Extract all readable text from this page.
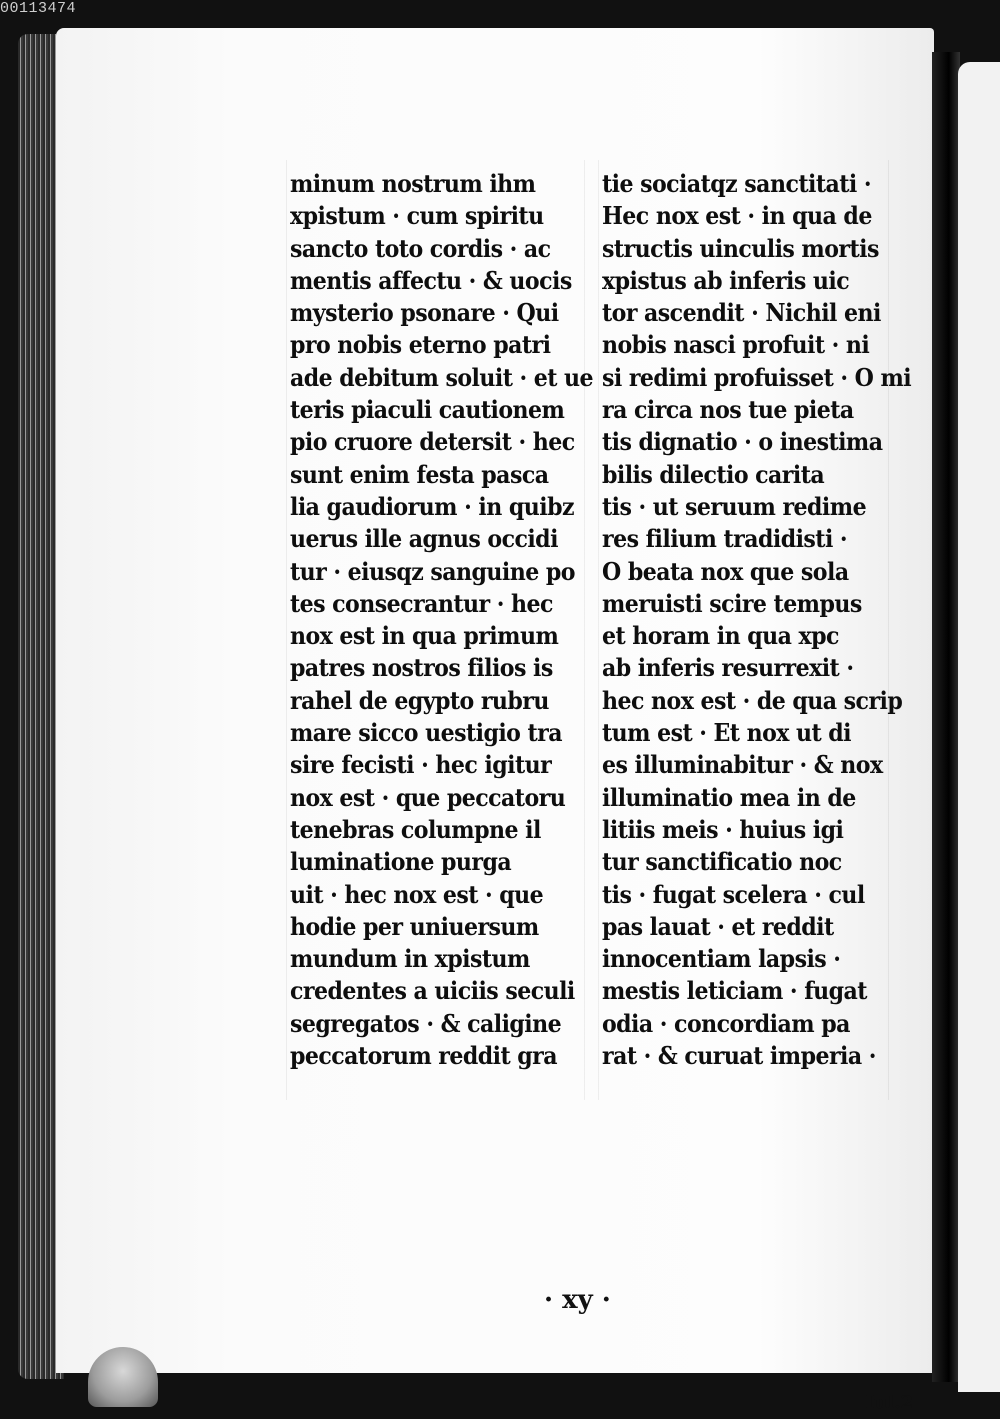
00113474
minum nostrum ihm
xpistum · cum spiritu
sancto toto cordis · ac
mentis affectu · & uocis
mysterio psonare · Qui
pro nobis eterno patri
ade debitum soluit · et ue
teris piaculi cautionem
pio cruore detersit · hec
sunt enim festa pasca
lia gaudiorum · in quibz
uerus ille agnus occidi
tur · eiusqz sanguine po
tes consecrantur · hec
nox est in qua primum
patres nostros filios is
rahel de egypto rubru
mare sicco uestigio tra
sire fecisti · hec igitur
nox est · que peccatoru
tenebras columpne il
luminatione purga
uit · hec nox est · que
hodie per uniuersum
mundum in xpistum
credentes a uiciis seculi
segregatos · & caligine
peccatorum reddit gra
tie sociatqz sanctitati ·
Hec nox est · in qua de
structis uinculis mortis
xpistus ab inferis uic
tor ascendit · Nichil eni
nobis nasci profuit · ni
si redimi profuisset · O mi
ra circa nos tue pieta
tis dignatio · o inestima
bilis dilectio carita
tis · ut seruum redime
res filium tradidisti ·
O beata nox que sola
meruisti scire tempus
et horam in qua xpc
ab inferis resurrexit ·
hec nox est · de qua scrip
tum est · Et nox ut di
es illuminabitur · & nox
illuminatio mea in de
litiis meis · huius igi
tur sanctificatio noc
tis · fugat scelera · cul
pas lauat · et reddit
innocentiam lapsis ·
mestis leticiam · fugat
odia · concordiam pa
rat · & curuat imperia ·
· xy ·
Iul.2
